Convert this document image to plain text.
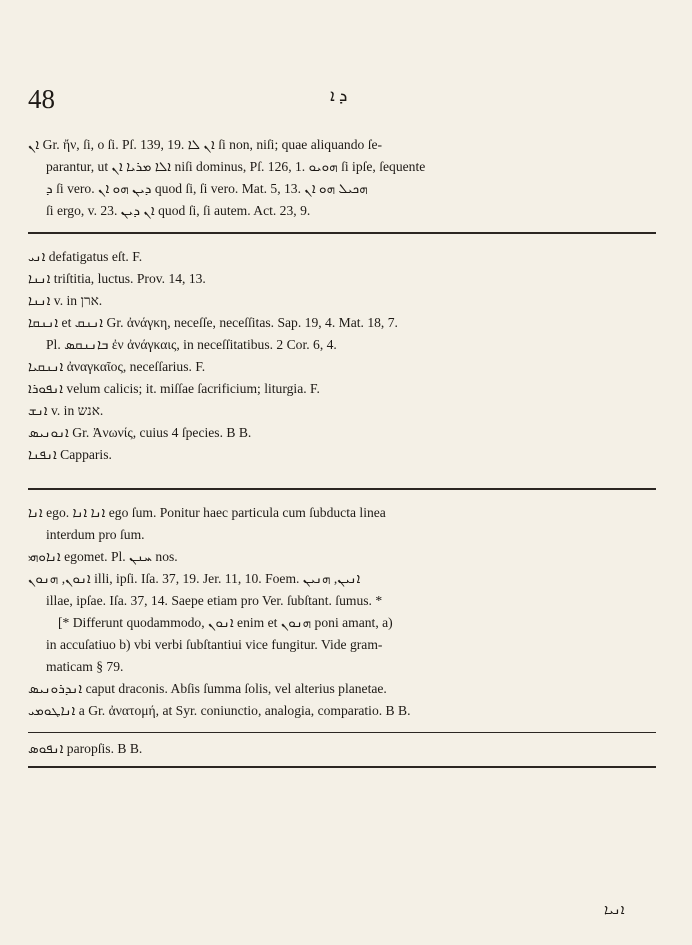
48	ܕ ܐ
ܐܢ Gr. ἤν, ſi, o ſi. Pſ. 139, 19. ܐܢ ܠܐ ſi non, niſi; quae aliquando ſe-
parantur, ut ܐܠܐ ܡܪܝܐ ܐܢ niſi dominus, Pſ. 126, 1. ܗܘܝܘ ſi ipſe, ſequente
ܕ ſi vero. ܕܝܢ ܗܘ ܐܢ quod ſi, ſi vero. Mat. 5, 13. ܗܟܝܠ ܗܘ ܐܢ
ſi ergo, v. 23. ܐܢ ܕܝܢ quod ſi, ſi autem. Act. 23, 9.
ܐܢܝ defatigatus eſt. F.
ܐܢܢܐ triſtitia, luctus. Prov. 14, 13.
ܐܢܢܐ v. in ארן.
ܐܢܢܩܐ et ܐܢܢܩ Gr. ἀνάγκη, neceſſe, neceſſitas. Sap. 19, 4. Mat. 18, 7.
Pl. ܒܐܢܢܩܣ ἐν ἀνάγκαις, in neceſſitatibus. 2 Cor. 6, 4.
ܐܢܢܩܝܐ ἀναγκαῖος, neceſſarius. F.
ܐܢܦܘܪܐ velum calicis; it. miſſae ſacrificium; liturgia. F.
ܐܢܫ v. in אנש.
ܐܢܘܢܝܣ Gr. Ἀνωνίς, cuius 4 ſpecies. B B.
ܐܢܦܢܐ Capparis.
ܐܢܐ ego. ܐܢܐ ܐܢܐ ego ſum. Ponitur haec particula cum ſubducta linea
interdum pro ſum.
ܐܢܐܘܗܝ egomet. Pl. ܚܢܢ nos.
ܐܢܘܢ, ܗܢܘܢ illi, ipſi. Iſa. 37, 19. Jer. 11, 10. Foem. ܐܢܝܢ, ܗܢܝܢ
illae, ipſae. Iſa. 37, 14. Saepe etiam pro Ver. ſubſtant. ſumus. *
[* Differunt quodammodo, ܐܢܘܢ enim et ܗܢܘܢ poni amant, a)
in accuſatiuo b) vbi verbi ſubſtantiui vice fungitur. Vide gram-
maticam § 79.
ܐܢܕܪܘܢܝܣ caput draconis. Abſis ſumma ſolis, vel alterius planetae.
ܐܢܐܛܘܡܝ a Gr. ἀνατομή, at Syr. coniunctio, analogia, comparatio. B B.
ܐܢܦܘܣ paropſis. B B.
ܐܢܝܐ
